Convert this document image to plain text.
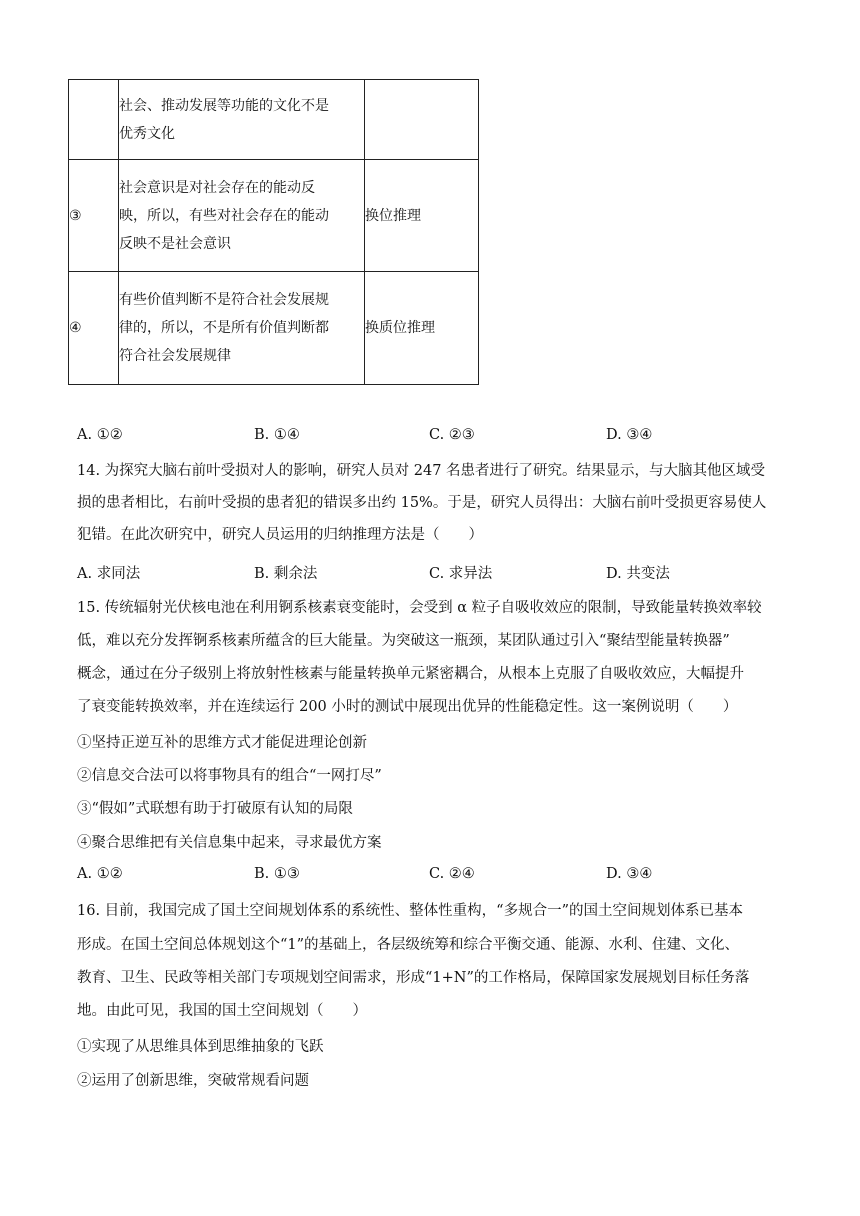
	社会、推动发展等功能的文化不是
优秀文化	

③	社会意识是对社会存在的能动反
映，所以，有些对社会存在的能动
反映不是社会意识	换位推理
④	有些价值判断不是符合社会发展规
律的，所以，不是所有价值判断都
符合社会发展规律	换质位推理
A. ①②	B. ①④	C. ②③	D. ③④
14. 为探究大脑右前叶受损对人的影响，研究人员对 247 名患者进行了研究。结果显示，与大脑其他区域受
损的患者相比，右前叶受损的患者犯的错误多出约 15%。于是，研究人员得出：大脑右前叶受损更容易使人
犯错。在此次研究中，研究人员运用的归纳推理方法是（　　）
A. 求同法	B. 剩余法	C. 求异法	D. 共变法
15. 传统辐射光伏核电池在利用锕系核素衰变能时，会受到 α 粒子自吸收效应的限制，导致能量转换效率较
低，难以充分发挥锕系核素所蕴含的巨大能量。为突破这一瓶颈，某团队通过引入“聚结型能量转换器”
概念，通过在分子级别上将放射性核素与能量转换单元紧密耦合，从根本上克服了自吸收效应，大幅提升
了衰变能转换效率，并在连续运行 200 小时的测试中展现出优异的性能稳定性。这一案例说明（　　）
①坚持正逆互补的思维方式才能促进理论创新
②信息交合法可以将事物具有的组合“一网打尽”
③“假如”式联想有助于打破原有认知的局限
④聚合思维把有关信息集中起来，寻求最优方案
A. ①②	B. ①③	C. ②④	D. ③④
16. 目前，我国完成了国土空间规划体系的系统性、整体性重构，“多规合一”的国土空间规划体系已基本
形成。在国土空间总体规划这个“1”的基础上，各层级统筹和综合平衡交通、能源、水利、住建、文化、
教育、卫生、民政等相关部门专项规划空间需求，形成“1+N”的工作格局，保障国家发展规划目标任务落
地。由此可见，我国的国土空间规划（　　）
①实现了从思维具体到思维抽象的飞跃
②运用了创新思维，突破常规看问题
